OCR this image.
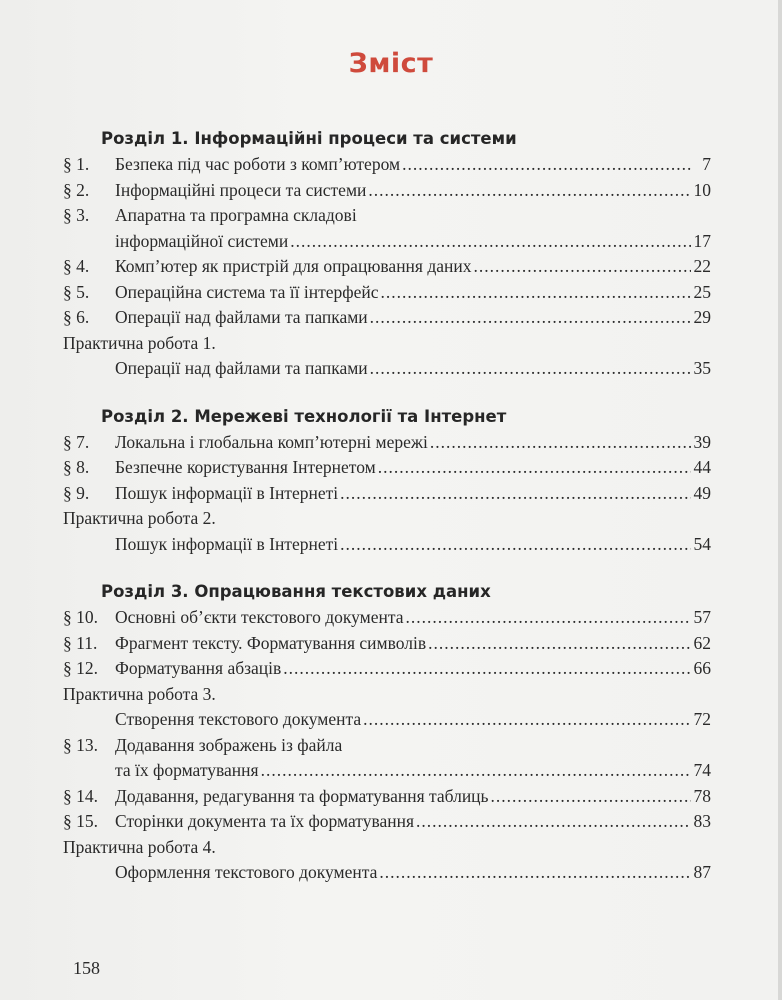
Зміст
Розділ 1. Інформаційні процеси та системи
§ 1.	Безпека під час роботи з комп’ютером .....	7
§ 2.	Інформаційні процеси та системи .....	10
§ 3.	Апаратна та програмна складові
інформаційної системи .....	17
§ 4.	Комп’ютер як пристрій для опрацювання даних .....	22
§ 5.	Операційна система та її інтерфейс .....	25
§ 6.	Операції над файлами та папками .....	29
Практична робота 1.
Операції над файлами та папками .....	35
Розділ 2. Мережеві технології та Інтернет
§ 7.	Локальна і глобальна комп’ютерні мережі .....	39
§ 8.	Безпечне користування Інтернетом .....	44
§ 9.	Пошук інформації в Інтернеті .....	49
Практична робота 2.
Пошук інформації в Інтернеті .....	54
Розділ 3. Опрацювання текстових даних
§ 10. Основні об’єкти текстового документа .....	57
§ 11.	Фрагмент тексту. Форматування символів .....	62
§ 12. Форматування абзаців .....	66
Практична робота 3.
Створення текстового документа .....	72
§ 13. Додавання зображень із файла
та їх форматування .....	74
§ 14. Додавання, редагування та форматування таблиць .....	78
§ 15. Сторінки документа та їх форматування .....	83
Практична робота 4.
Оформлення текстового документа .....	87
158
